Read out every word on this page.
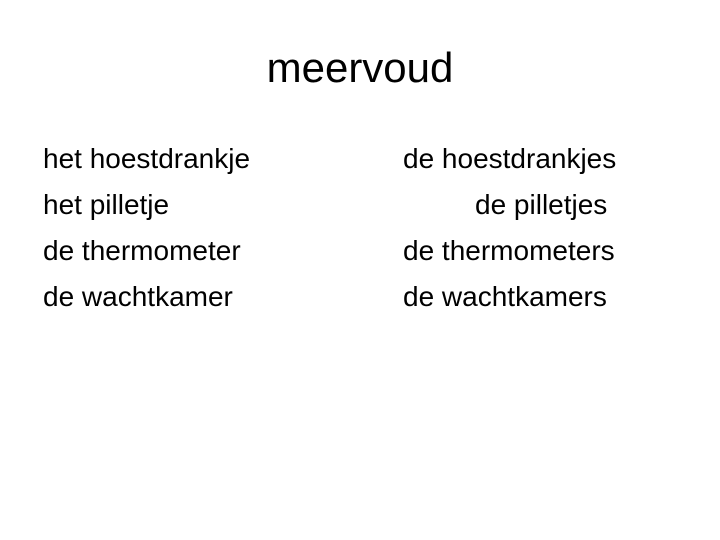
meervoud
het hoestdrankje
het pilletje
de thermometer
de wachtkamer
de hoestdrankjes
de pilletjes
de thermometers
de wachtkamers
